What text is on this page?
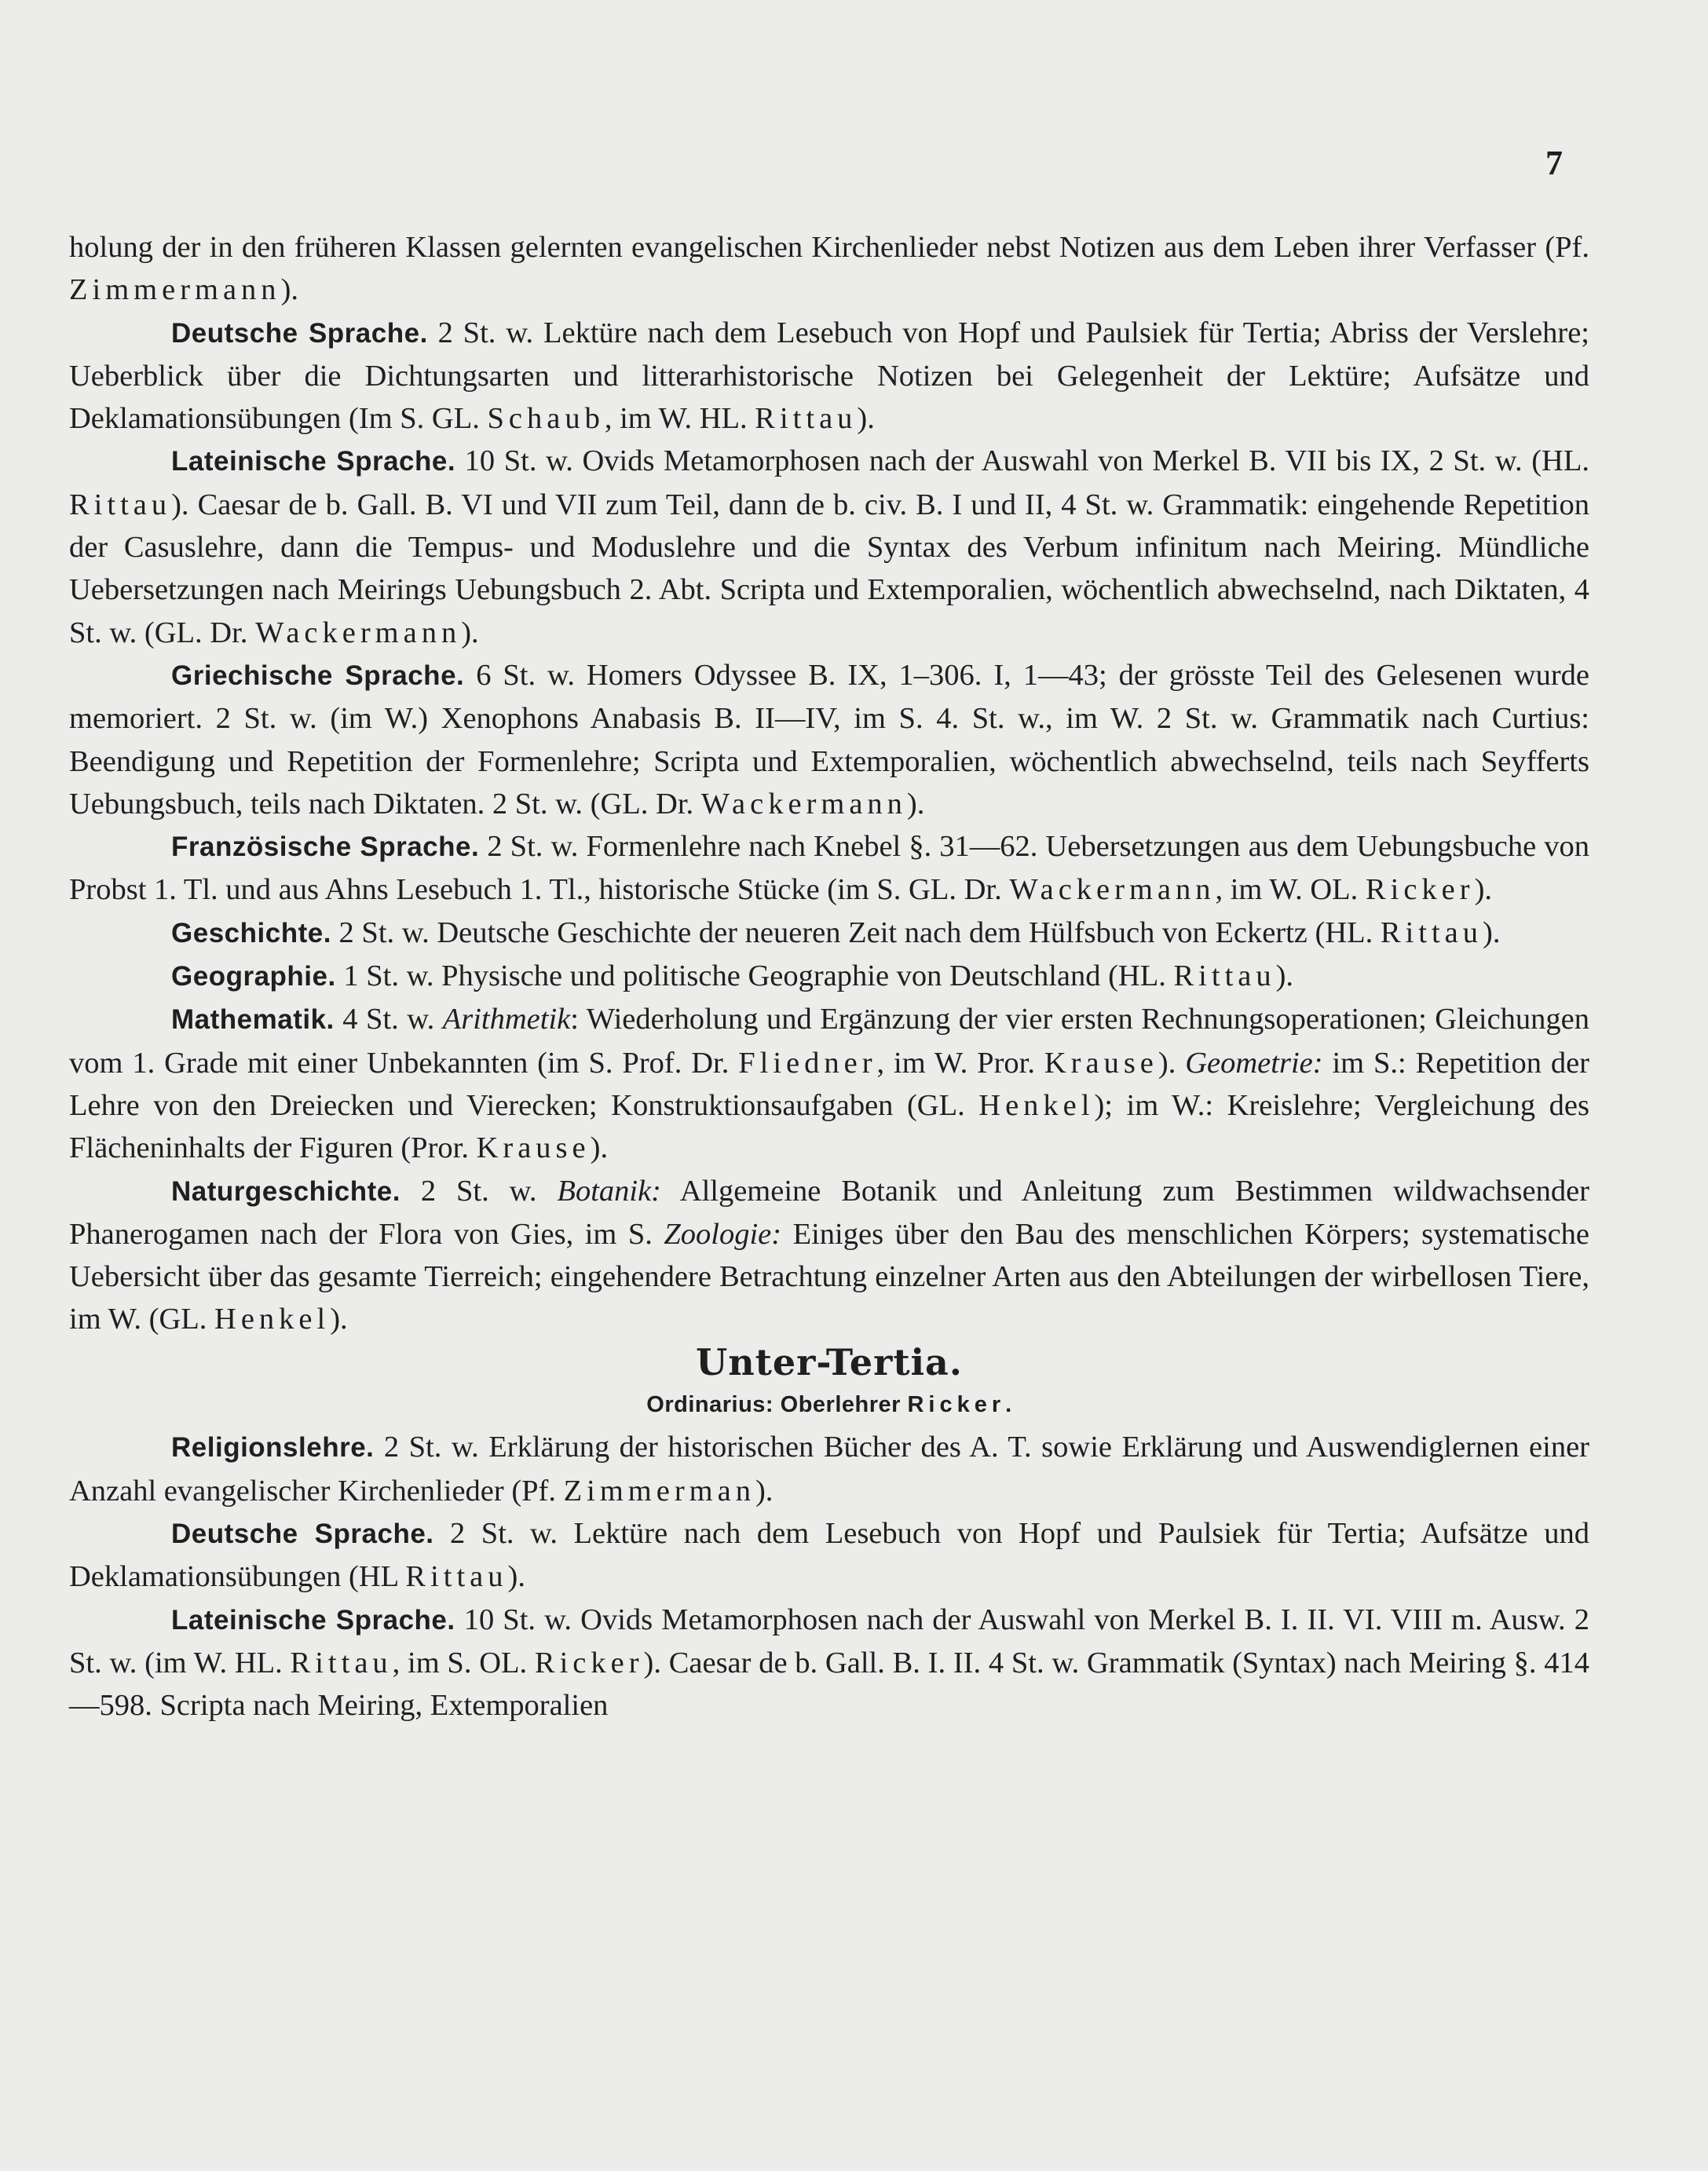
7

holung der in den früheren Klassen gelernten evangelischen Kirchenlieder nebst Notizen aus dem Leben ihrer Verfasser (Pf. Zimmermann).

Deutsche Sprache. 2 St. w. Lektüre nach dem Lesebuch von Hopf und Paulsiek für Tertia; Abriss der Verslehre; Ueberblick über die Dichtungsarten und litterarhistorische Notizen bei Gelegenheit der Lektüre; Aufsätze und Deklamationsübungen (Im S. GL. Schaub, im W. HL. Rittau).

Lateinische Sprache. 10 St. w. Ovids Metamorphosen nach der Auswahl von Merkel B. VII bis IX, 2 St. w. (HL. Rittau). Caesar de b. Gall. B. VI und VII zum Teil, dann de b. civ. B. I und II, 4 St. w. Grammatik: eingehende Repetition der Casuslehre, dann die Tempus- und Moduslehre und die Syntax des Verbum infinitum nach Meiring. Mündliche Uebersetzungen nach Meirings Uebungsbuch 2. Abt. Scripta und Extemporalien, wöchentlich abwechselnd, nach Diktaten, 4 St. w. (GL. Dr. Wackermann).

Griechische Sprache. 6 St. w. Homers Odyssee B. IX, 1–306. I, 1—43; der grösste Teil des Gelesenen wurde memoriert. 2 St. w. (im W.) Xenophons Anabasis B. II—IV, im S. 4. St. w., im W. 2 St. w. Grammatik nach Curtius: Beendigung und Repetition der Formenlehre; Scripta und Extemporalien, wöchentlich abwechselnd, teils nach Seyfferts Uebungsbuch, teils nach Diktaten. 2 St. w. (GL. Dr. Wackermann).

Französische Sprache. 2 St. w. Formenlehre nach Knebel §. 31—62. Uebersetzungen aus dem Uebungsbuche von Probst 1. Tl. und aus Ahns Lesebuch 1. Tl., historische Stücke (im S. GL. Dr. Wackermann, im W. OL. Ricker).

Geschichte. 2 St. w. Deutsche Geschichte der neueren Zeit nach dem Hülfsbuch von Eckertz (HL. Rittau).

Geographie. 1 St. w. Physische und politische Geographie von Deutschland (HL. Rittau).

Mathematik. 4 St. w. Arithmetik: Wiederholung und Ergänzung der vier ersten Rechnungsoperationen; Gleichungen vom 1. Grade mit einer Unbekannten (im S. Prof. Dr. Fliedner, im W. Pror. Krause). Geometrie: im S.: Repetition der Lehre von den Dreiecken und Vierecken; Konstruktionsaufgaben (GL. Henkel); im W.: Kreislehre; Vergleichung des Flächeninhalts der Figuren (Pror. Krause).

Naturgeschichte. 2 St. w. Botanik: Allgemeine Botanik und Anleitung zum Bestimmen wildwachsender Phanerogamen nach der Flora von Gies, im S. Zoologie: Einiges über den Bau des menschlichen Körpers; systematische Uebersicht über das gesamte Tierreich; eingehendere Betrachtung einzelner Arten aus den Abteilungen der wirbellosen Tiere, im W. (GL. Henkel).

Unter-Tertia.

Ordinarius: Oberlehrer Ricker.

Religionslehre. 2 St. w. Erklärung der historischen Bücher des A. T. sowie Erklärung und Auswendiglernen einer Anzahl evangelischer Kirchenlieder (Pf. Zimmerman).

Deutsche Sprache. 2 St. w. Lektüre nach dem Lesebuch von Hopf und Paulsiek für Tertia; Aufsätze und Deklamationsübungen (HL Rittau).

Lateinische Sprache. 10 St. w. Ovids Metamorphosen nach der Auswahl von Merkel B. I. II. VI. VIII m. Ausw. 2 St. w. (im W. HL. Rittau, im S. OL. Ricker). Caesar de b. Gall. B. I. II. 4 St. w. Grammatik (Syntax) nach Meiring §. 414—598. Scripta nach Meiring, Extemporalien
